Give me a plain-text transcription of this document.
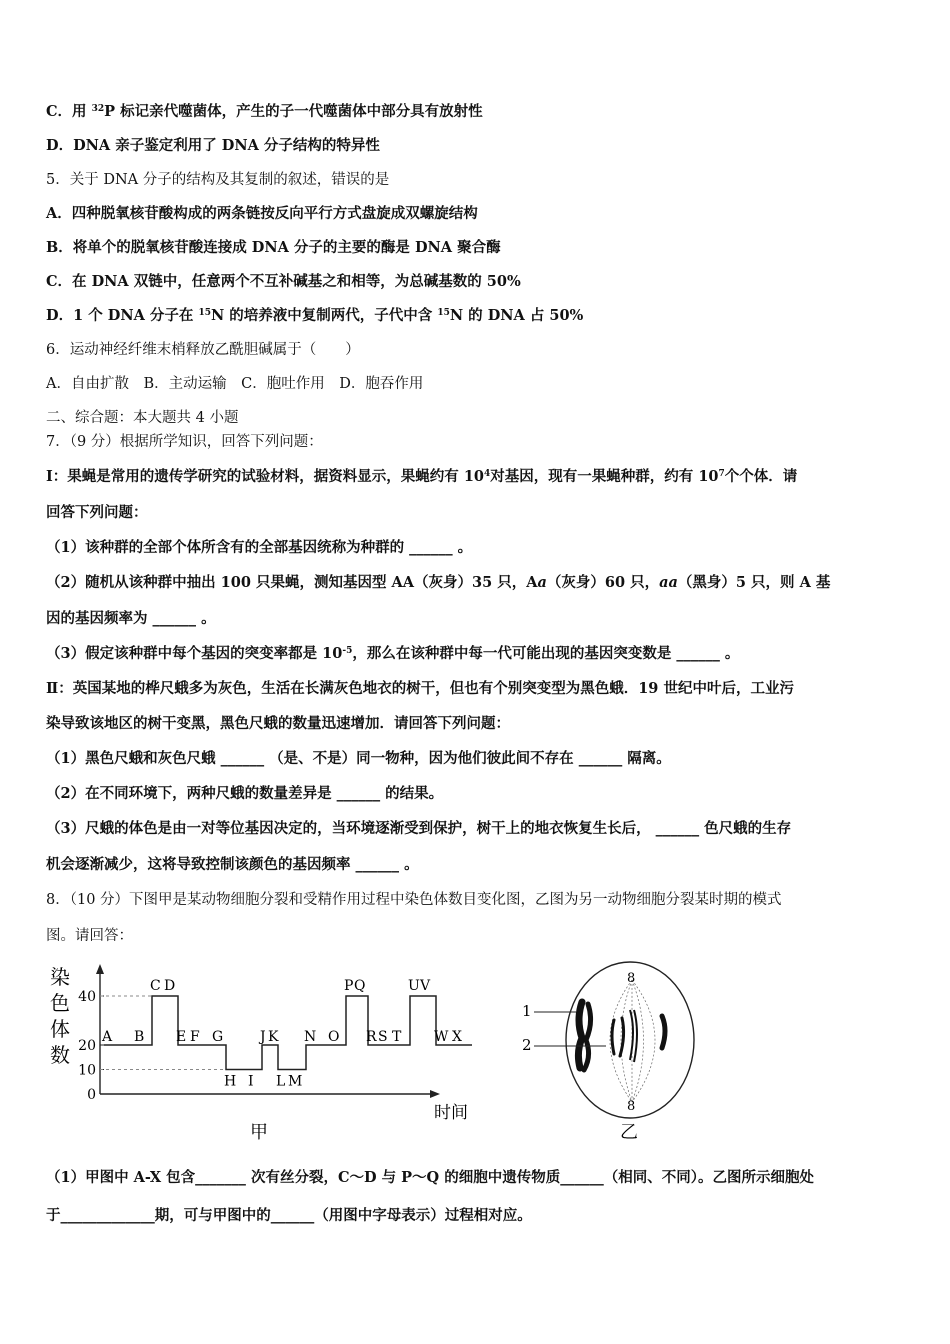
C．用 $^{32}$P 标记亲代噬菌体，产生的子一代噬菌体中部分具有放射性
D．DNA 亲子鉴定利用了 DNA 分子结构的特异性
5．关于 DNA 分子的结构及其复制的叙述，错误的是
A．四种脱氧核苷酸构成的两条链按反向平行方式盘旋成双螺旋结构
B．将单个的脱氧核苷酸连接成 DNA 分子的主要的酶是 DNA 聚合酶
C．在 DNA 双链中，任意两个不互补碱基之和相等，为总碱基数的 50%
D．1 个 DNA 分子在 $^{15}$N 的培养液中复制两代，子代中含 $^{15}$N 的 DNA 占 50%
6．运动神经纤维末梢释放乙酰胆碱属于（　　）
A．自由扩散　B．主动运输　C．胞吐作用　D．胞吞作用
二、综合题：本大题共 4 小题
7．（9 分）根据所学知识，回答下列问题：
Ⅰ：果蝇是常用的遗传学研究的试验材料，据资料显示，果蝇约有 $10^4$对基因，现有一果蝇种群，约有 $10^7$个个体．请
回答下列问题：
（1）该种群的全部个体所含有的全部基因统称为种群的 ______ 。
（2）随机从该种群中抽出 100 只果蝇，测知基因型 AA（灰身）35 只，Aa（灰身）60 只，aa（黑身）5 只，则 A 基
因的基因频率为 ______ 。
（3）假定该种群中每个基因的突变率都是 $10^{-5}$，那么在该种群中每一代可能出现的基因突变数是 ______ 。
Ⅱ：英国某地的桦尺蛾多为灰色，生活在长满灰色地衣的树干，但也有个别突变型为黑色蛾．19 世纪中叶后，工业污
染导致该地区的树干变黑，黑色尺蛾的数量迅速增加．请回答下列问题：
（1）黑色尺蛾和灰色尺蛾 ______ （是、不是）同一物种，因为他们彼此间不存在 ______ 隔离。
（2）在不同环境下，两种尺蛾的数量差异是 ______ 的结果。
（3）尺蛾的体色是由一对等位基因决定的，当环境逐渐受到保护，树干上的地衣恢复生长后， ______ 色尺蛾的生存
机会逐渐减少，这将导致控制该颜色的基因频率 ______ 。
8．（10 分）下图甲是某动物细胞分裂和受精作用过程中染色体数目变化图，乙图为另一动物细胞分裂某时期的模式
图。请回答：
染
色
体
数
0
10
20
40
A B
C D
E F G
H I
J K
L M
N O
P Q
R S T
U V
W X
时间
甲
8
8
1
2
乙
（1）甲图中 A-X 包含_______ 次有丝分裂，C～D 与 P～Q 的细胞中遗传物质______（相同、不同）。乙图所示细胞处
于_____________期，可与甲图中的______（用图中字母表示）过程相对应。
